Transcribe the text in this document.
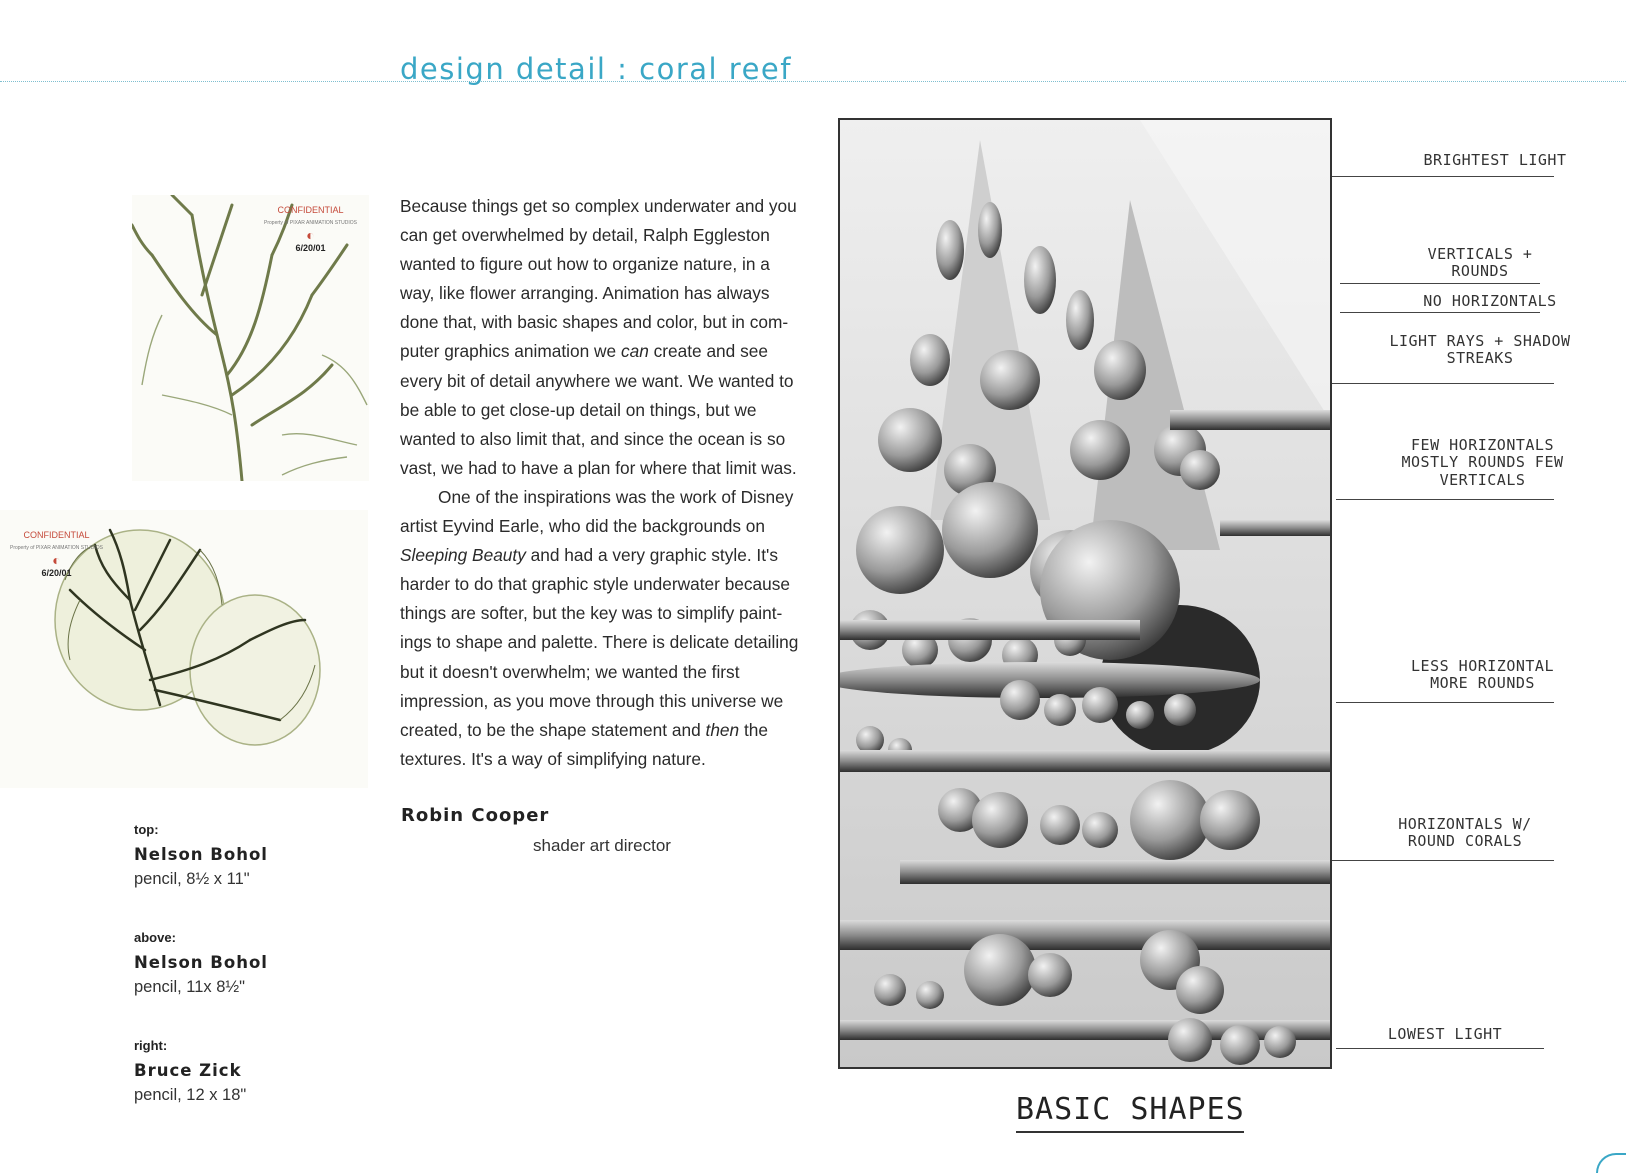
design detail : coral reef
CONFIDENTIAL
Property of PIXAR ANIMATION STUDIOS
◐
6/20/01
CONFIDENTIAL
Property of PIXAR ANIMATION STUDIOS
◐
6/20/01

Because things get so complex underwater and you can get overwhelmed by detail, Ralph Eggleston wanted to figure out how to organize nature, in a way, like flower arranging. Animation has always done that, with basic shapes and color, but in com-puter graphics animation we can create and see every bit of detail anywhere we want. We wanted to be able to get close-up detail on things, but we wanted to also limit that, and since the ocean is so vast, we had to have a plan for where that limit was.

One of the inspirations was the work of Disney artist Eyvind Earle, who did the backgrounds on Sleeping Beauty and had a very graphic style. It's harder to do that graphic style underwater because things are softer, but the key was to simplify paint-ings to shape and palette. There is delicate detailing but it doesn't overwhelm; we wanted the first impression, as you move through this universe we created, to be the shape statement and then the textures. It's a way of simplifying nature.

Robin Cooper
shader art director
top:
Nelson Bohol
pencil, 8½ x 11"
above:
Nelson Bohol
pencil, 11x 8½"
right:
Bruce Zick
pencil, 12 x 18"
BRIGHTEST LIGHT
VERTICALS + ROUNDS
NO HORIZONTALS
LIGHT RAYS + SHADOW STREAKS
FEW HORIZONTALS MOSTLY ROUNDS FEW VERTICALS
LESS HORIZONTAL MORE ROUNDS
HORIZONTALS W/ ROUND CORALS
LOWEST LIGHT
BASIC SHAPES
